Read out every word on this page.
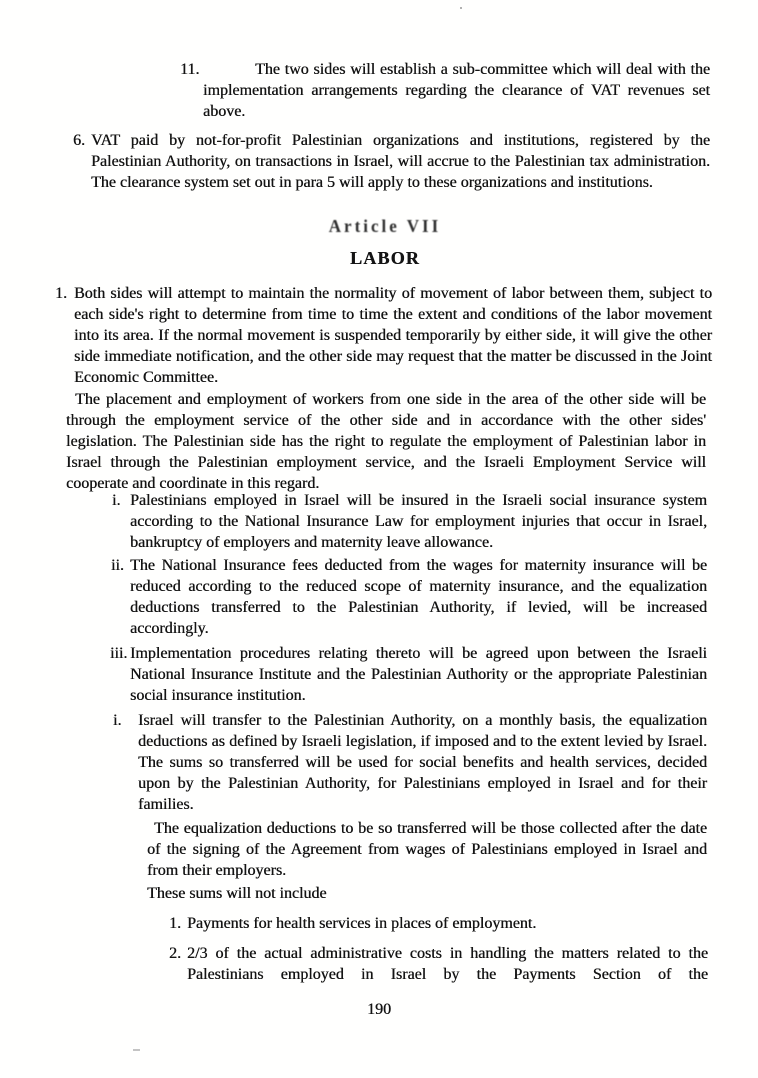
11.	The two sides will establish a sub-committee which will deal with the implementation arrangements regarding the clearance of VAT revenues set above.

6. VAT paid by not-for-profit Palestinian organizations and institutions, registered by the Palestinian Authority, on transactions in Israel, will accrue to the Palestinian tax administration. The clearance system set out in para 5 will apply to these organizations and institutions.

Article VII
LABOR
1. Both sides will attempt to maintain the normality of movement of labor between them, subject to each side's right to determine from time to time the extent and conditions of the labor movement into its area. If the normal movement is suspended temporarily by either side, it will give the other side immediate notification, and the other side may request that the matter be discussed in the Joint Economic Committee.

The placement and employment of workers from one side in the area of the other side will be through the employment service of the other side and in accordance with the other sides' legislation. The Palestinian side has the right to regulate the employment of Palestinian labor in Israel through the Palestinian employment service, and the Israeli Employment Service will cooperate and coordinate in this regard.

i. Palestinians employed in Israel will be insured in the Israeli social insurance system according to the National Insurance Law for employment injuries that occur in Israel, bankruptcy of employers and maternity leave allowance.

ii. The National Insurance fees deducted from the wages for maternity insurance will be reduced according to the reduced scope of maternity insurance, and the equalization deductions transferred to the Palestinian Authority, if levied, will be increased accordingly.

iii. Implementation procedures relating thereto will be agreed upon between the Israeli National Insurance Institute and the Palestinian Authority or the appropriate Palestinian social insurance institution.

i. Israel will transfer to the Palestinian Authority, on a monthly basis, the equalization deductions as defined by Israeli legislation, if imposed and to the extent levied by Israel. The sums so transferred will be used for social benefits and health services, decided upon by the Palestinian Authority, for Palestinians employed in Israel and for their families.

The equalization deductions to be so transferred will be those collected after the date of the signing of the Agreement from wages of Palestinians employed in Israel and from their employers.

These sums will not include

1. Payments for health services in places of employment.

2. 2/3 of the actual administrative costs in handling the matters related to the Palestinians employed in Israel by the Payments Section of the

190
